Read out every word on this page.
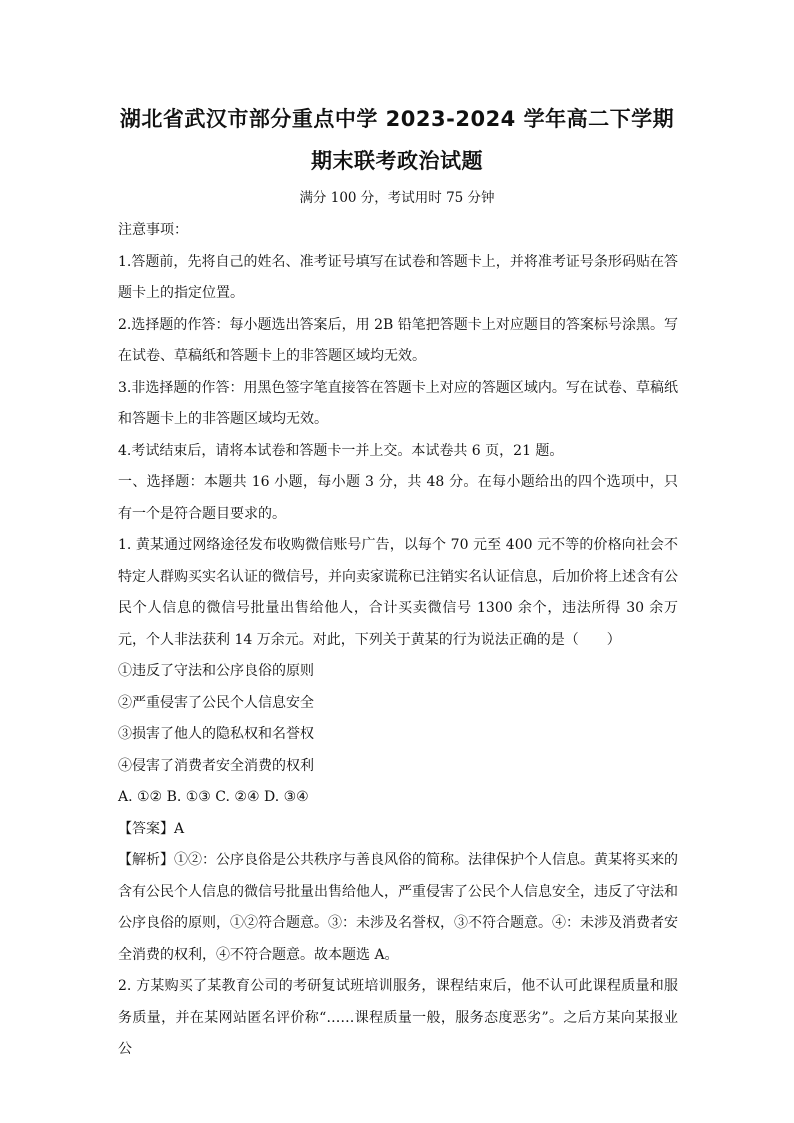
湖北省武汉市部分重点中学 2023-2024 学年高二下学期
期末联考政治试题
满分 100 分，考试用时 75 分钟

注意事项：

1.答题前，先将自己的姓名、准考证号填写在试卷和答题卡上，并将准考证号条形码贴在答题卡上的指定位置。

2.选择题的作答：每小题选出答案后，用 2B 铅笔把答题卡上对应题目的答案标号涂黑。写在试卷、草稿纸和答题卡上的非答题区域均无效。

3.非选择题的作答：用黑色签字笔直接答在答题卡上对应的答题区域内。写在试卷、草稿纸和答题卡上的非答题区域均无效。

4.考试结束后，请将本试卷和答题卡一并上交。本试卷共 6 页，21 题。

一、选择题：本题共 16 小题，每小题 3 分，共 48 分。在每小题给出的四个选项中，只有一个是符合题目要求的。

1. 黄某通过网络途径发布收购微信账号广告，以每个 70 元至 400 元不等的价格向社会不特定人群购买实名认证的微信号，并向卖家谎称已注销实名认证信息，后加价将上述含有公民个人信息的微信号批量出售给他人，合计买卖微信号 1300 余个，违法所得 30 余万元，个人非法获利 14 万余元。对此，下列关于黄某的行为说法正确的是（　　）

①违反了守法和公序良俗的原则

②严重侵害了公民个人信息安全

③损害了他人的隐私权和名誉权

④侵害了消费者安全消费的权利

A. ①② B. ①③ C. ②④ D. ③④

【答案】A

【解析】①②：公序良俗是公共秩序与善良风俗的简称。法律保护个人信息。黄某将买来的含有公民个人信息的微信号批量出售给他人，严重侵害了公民个人信息安全，违反了守法和公序良俗的原则，①②符合题意。③：未涉及名誉权，③不符合题意。④：未涉及消费者安全消费的权利，④不符合题意。故本题选 A。

2. 方某购买了某教育公司的考研复试班培训服务，课程结束后，他不认可此课程质量和服务质量，并在某网站匿名评价称“……课程质量一般，服务态度恶劣”。之后方某向某报业公
